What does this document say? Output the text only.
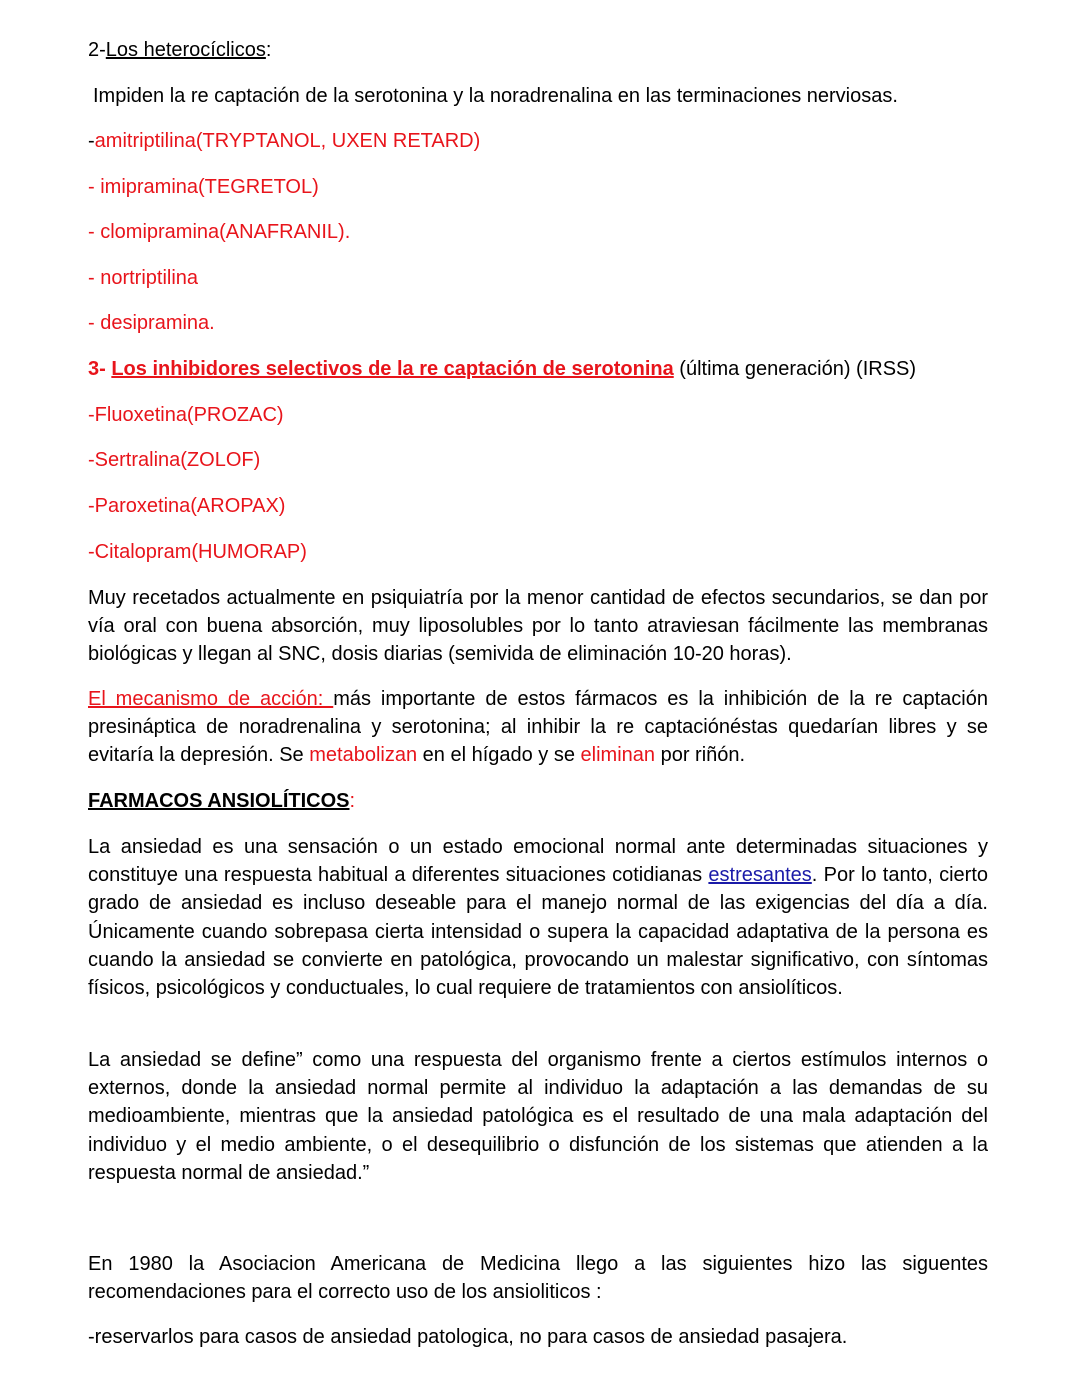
2-Los heterocíclicos:
Impiden la re captación de la serotonina y la noradrenalina en las terminaciones nerviosas.
-amitriptilina(TRYPTANOL, UXEN RETARD)
- imipramina(TEGRETOL)
- clomipramina(ANAFRANIL).
- nortriptilina
- desipramina.
3- Los inhibidores selectivos de la re captación de serotonina (última generación) (IRSS)
-Fluoxetina(PROZAC)
-Sertralina(ZOLOF)
-Paroxetina(AROPAX)
-Citalopram(HUMORAP)
Muy recetados actualmente en psiquiatría por la menor cantidad de efectos secundarios, se dan por vía oral con buena absorción, muy liposolubles por lo tanto atraviesan fácilmente las membranas biológicas y llegan al SNC, dosis diarias (semivida de eliminación 10-20 horas).
El mecanismo de acción: más importante de estos fármacos es la inhibición de la re captación presináptica de noradrenalina y serotonina; al inhibir la re captaciónéstas quedarían libres y se evitaría la depresión. Se metabolizan en el hígado y se eliminan por riñón.
FARMACOS ANSIOLÍTICOS:
La ansiedad es una sensación o un estado emocional normal ante determinadas situaciones y constituye una respuesta habitual a diferentes situaciones cotidianas estresantes. Por lo tanto, cierto grado de ansiedad es incluso deseable para el manejo normal de las exigencias del día a día. Únicamente cuando sobrepasa cierta intensidad o supera la capacidad adaptativa de la persona es cuando la ansiedad se convierte en patológica, provocando un malestar significativo, con síntomas físicos, psicológicos y conductuales, lo cual requiere de tratamientos con ansiolíticos.
La ansiedad se define” como una respuesta del organismo frente a ciertos estímulos internos o externos, donde la ansiedad normal permite al individuo la adaptación a las demandas de su medioambiente, mientras que la ansiedad patológica es el resultado de una mala adaptación del individuo y el medio ambiente, o el desequilibrio o disfunción de los sistemas que atienden a la respuesta normal de ansiedad.”
En 1980 la Asociacion Americana de Medicina llego a las siguientes hizo las siguentes recomendaciones para el correcto uso de los ansioliticos :
-reservarlos para casos de ansiedad patologica, no para casos de ansiedad pasajera.
